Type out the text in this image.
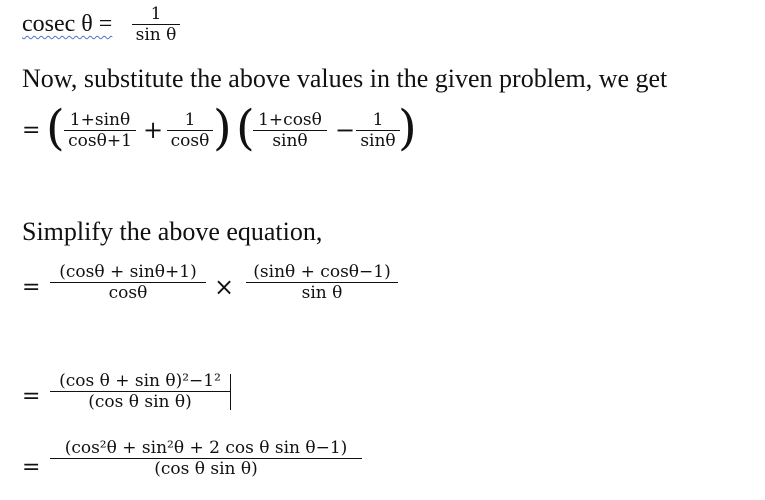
cosec θ =	1
sin θ
Now, substitute the above values in the given problem, we get
= ( 1+sinθ
cosθ+1 +	1
cosθ ) ( 1+cosθ
sinθ	−	1
sinθ )
Simplify the above equation,
=
(cosθ + sinθ+1)
cosθ	×
(sinθ + cosθ−1)
sin θ
=
(cos θ + sin θ)²−1²
(cos θ sin θ)
=
(cos²θ + sin²θ + 2 cos θ sin θ−1)
(cos θ sin θ)
